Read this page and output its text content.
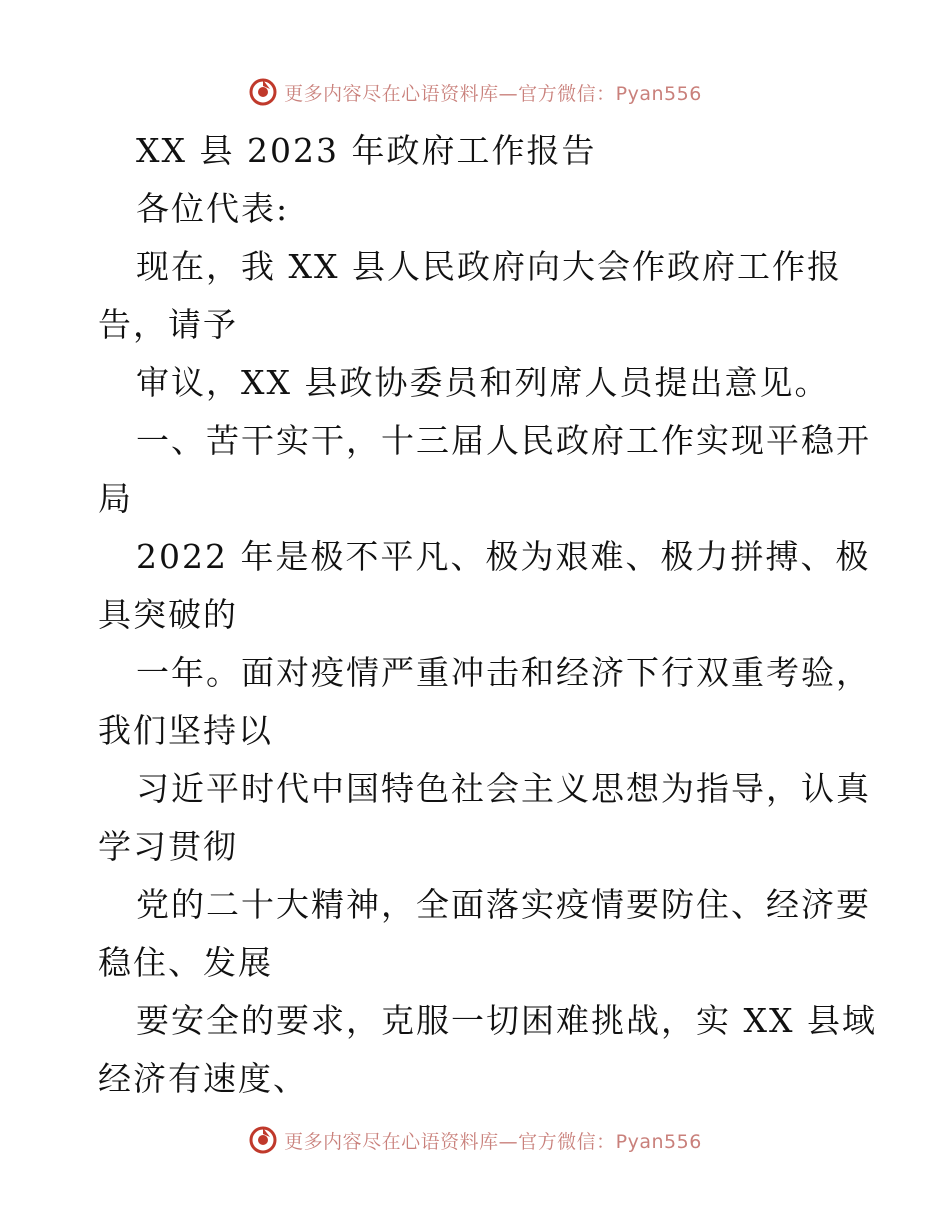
更多内容尽在心语资料库—官方微信：Pyan556
XX 县 2023 年政府工作报告
各位代表:
现在，我 XX 县人民政府向大会作政府工作报
告，请予
审议，XX 县政协委员和列席人员提出意见。
一、苦干实干，十三届人民政府工作实现平稳开
局
2022 年是极不平凡、极为艰难、极力拼搏、极
具突破的
一年。面对疫情严重冲击和经济下行双重考验，
我们坚持以
习近平时代中国特色社会主义思想为指导，认真
学习贯彻
党的二十大精神，全面落实疫情要防住、经济要
稳住、发展
要安全的要求，克服一切困难挑战，实 XX 县域
经济有速度、
更多内容尽在心语资料库—官方微信：Pyan556
